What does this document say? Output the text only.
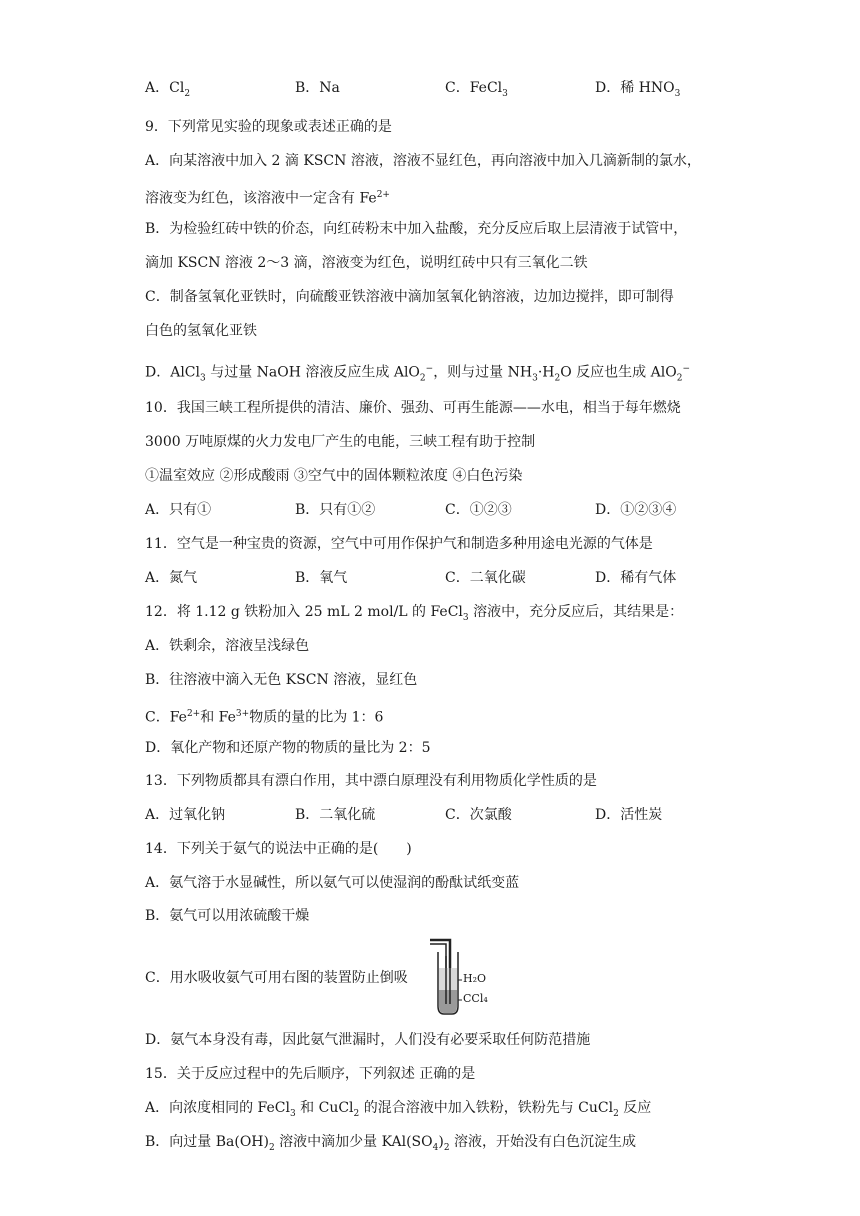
A．$Cl_2$	B．Na	C．FeCl$_3$	D．稀 $HNO_3$
9．下列常见实验的现象或表述正确的是
A．向某溶液中加入 2 滴 KSCN 溶液，溶液不显红色，再向溶液中加入几滴新制的氯水，
溶液变为红色，该溶液中一定含有 $Fe^{2+}$
B．为检验红砖中铁的价态，向红砖粉末中加入盐酸，充分反应后取上层清液于试管中，
滴加 KSCN 溶液 2～3 滴，溶液变为红色，说明红砖中只有三氧化二铁
C．制备氢氧化亚铁时，向硫酸亚铁溶液中滴加氢氧化钠溶液，边加边搅拌，即可制得
白色的氢氧化亚铁
D．AlCl$_3$ 与过量 NaOH 溶液反应生成 AlO$_2$−，则与过量 $NH_3\cdot H_2O$ 反应也生成 AlO$_2$−
10．我国三峡工程所提供的清洁、廉价、强劲、可再生能源——水电，相当于每年燃烧
3000 万吨原煤的火力发电厂产生的电能，三峡工程有助于控制
①温室效应 ②形成酸雨 ③空气中的固体颗粒浓度 ④白色污染
A．只有①	B．只有①②	C．①②③	D．①②③④
11．空气是一种宝贵的资源，空气中可用作保护气和制造多种用途电光源的气体是
A．氮气	B．氧气	C．二氧化碳	D．稀有气体
12．将 1.12 g 铁粉加入 25 mL 2 mol/L 的 FeCl$_3$ 溶液中，充分反应后，其结果是：
A．铁剩余，溶液呈浅绿色
B．往溶液中滴入无色 KSCN 溶液，显红色
C．$Fe^{2+}$和 $Fe^{3+}$物质的量的比为 1：6
D．氧化产物和还原产物的物质的量比为 2：5
13．下列物质都具有漂白作用，其中漂白原理没有利用物质化学性质的是
A．过氧化钠	B．二氧化硫	C．次氯酸	D．活性炭
14．下列关于氨气的说法中正确的是(　　)
A．氨气溶于水显碱性，所以氨气可以使湿润的酚酞试纸变蓝
B．氨气可以用浓硫酸干燥
C．用水吸收氨气可用右图的装置防止倒吸	H₂O
CCl₄
D．氨气本身没有毒，因此氨气泄漏时，人们没有必要采取任何防范措施
15．关于反应过程中的先后顺序，下列叙述 正确的是
A．向浓度相同的 FeCl$_3$ 和 CuCl$_2$ 的混合溶液中加入铁粉，铁粉先与 CuCl$_2$ 反应
B．向过量 $Ba(OH)_2$ 溶液中滴加少量 $KAl(SO_4)_2$ 溶液，开始没有白色沉淀生成
